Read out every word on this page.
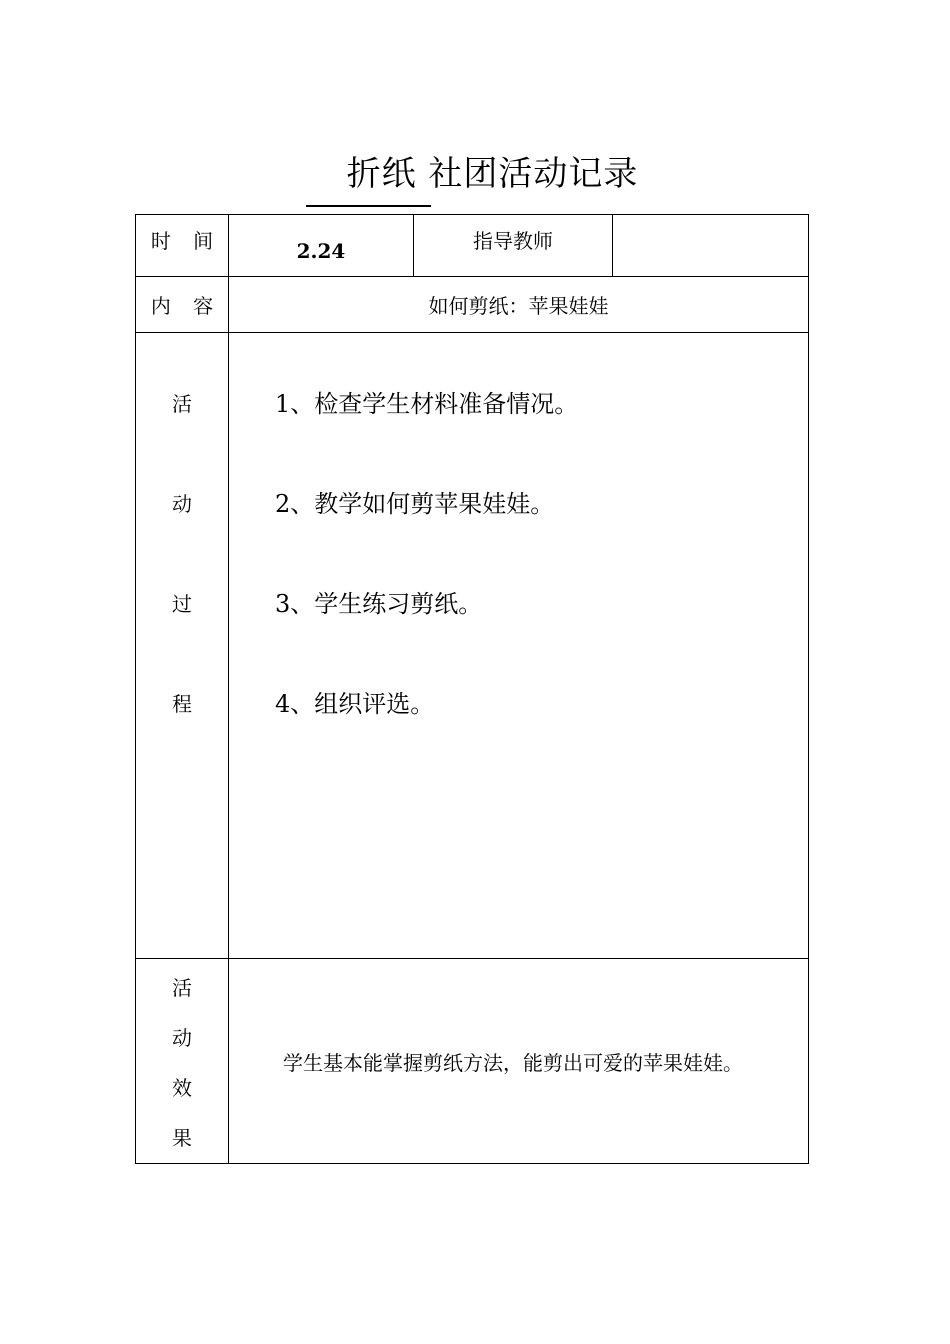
折纸 社团活动记录
时 间	2.24	指导教师	
内 容	如何剪纸：苹果娃娃		

活
动
过
程	1、检查学生材料准备情况。
2、教学如何剪苹果娃娃。
3、学生练习剪纸。
4、组织评选。		

活
动
效
果	学生基本能掌握剪纸方法，能剪出可爱的苹果娃娃。		
